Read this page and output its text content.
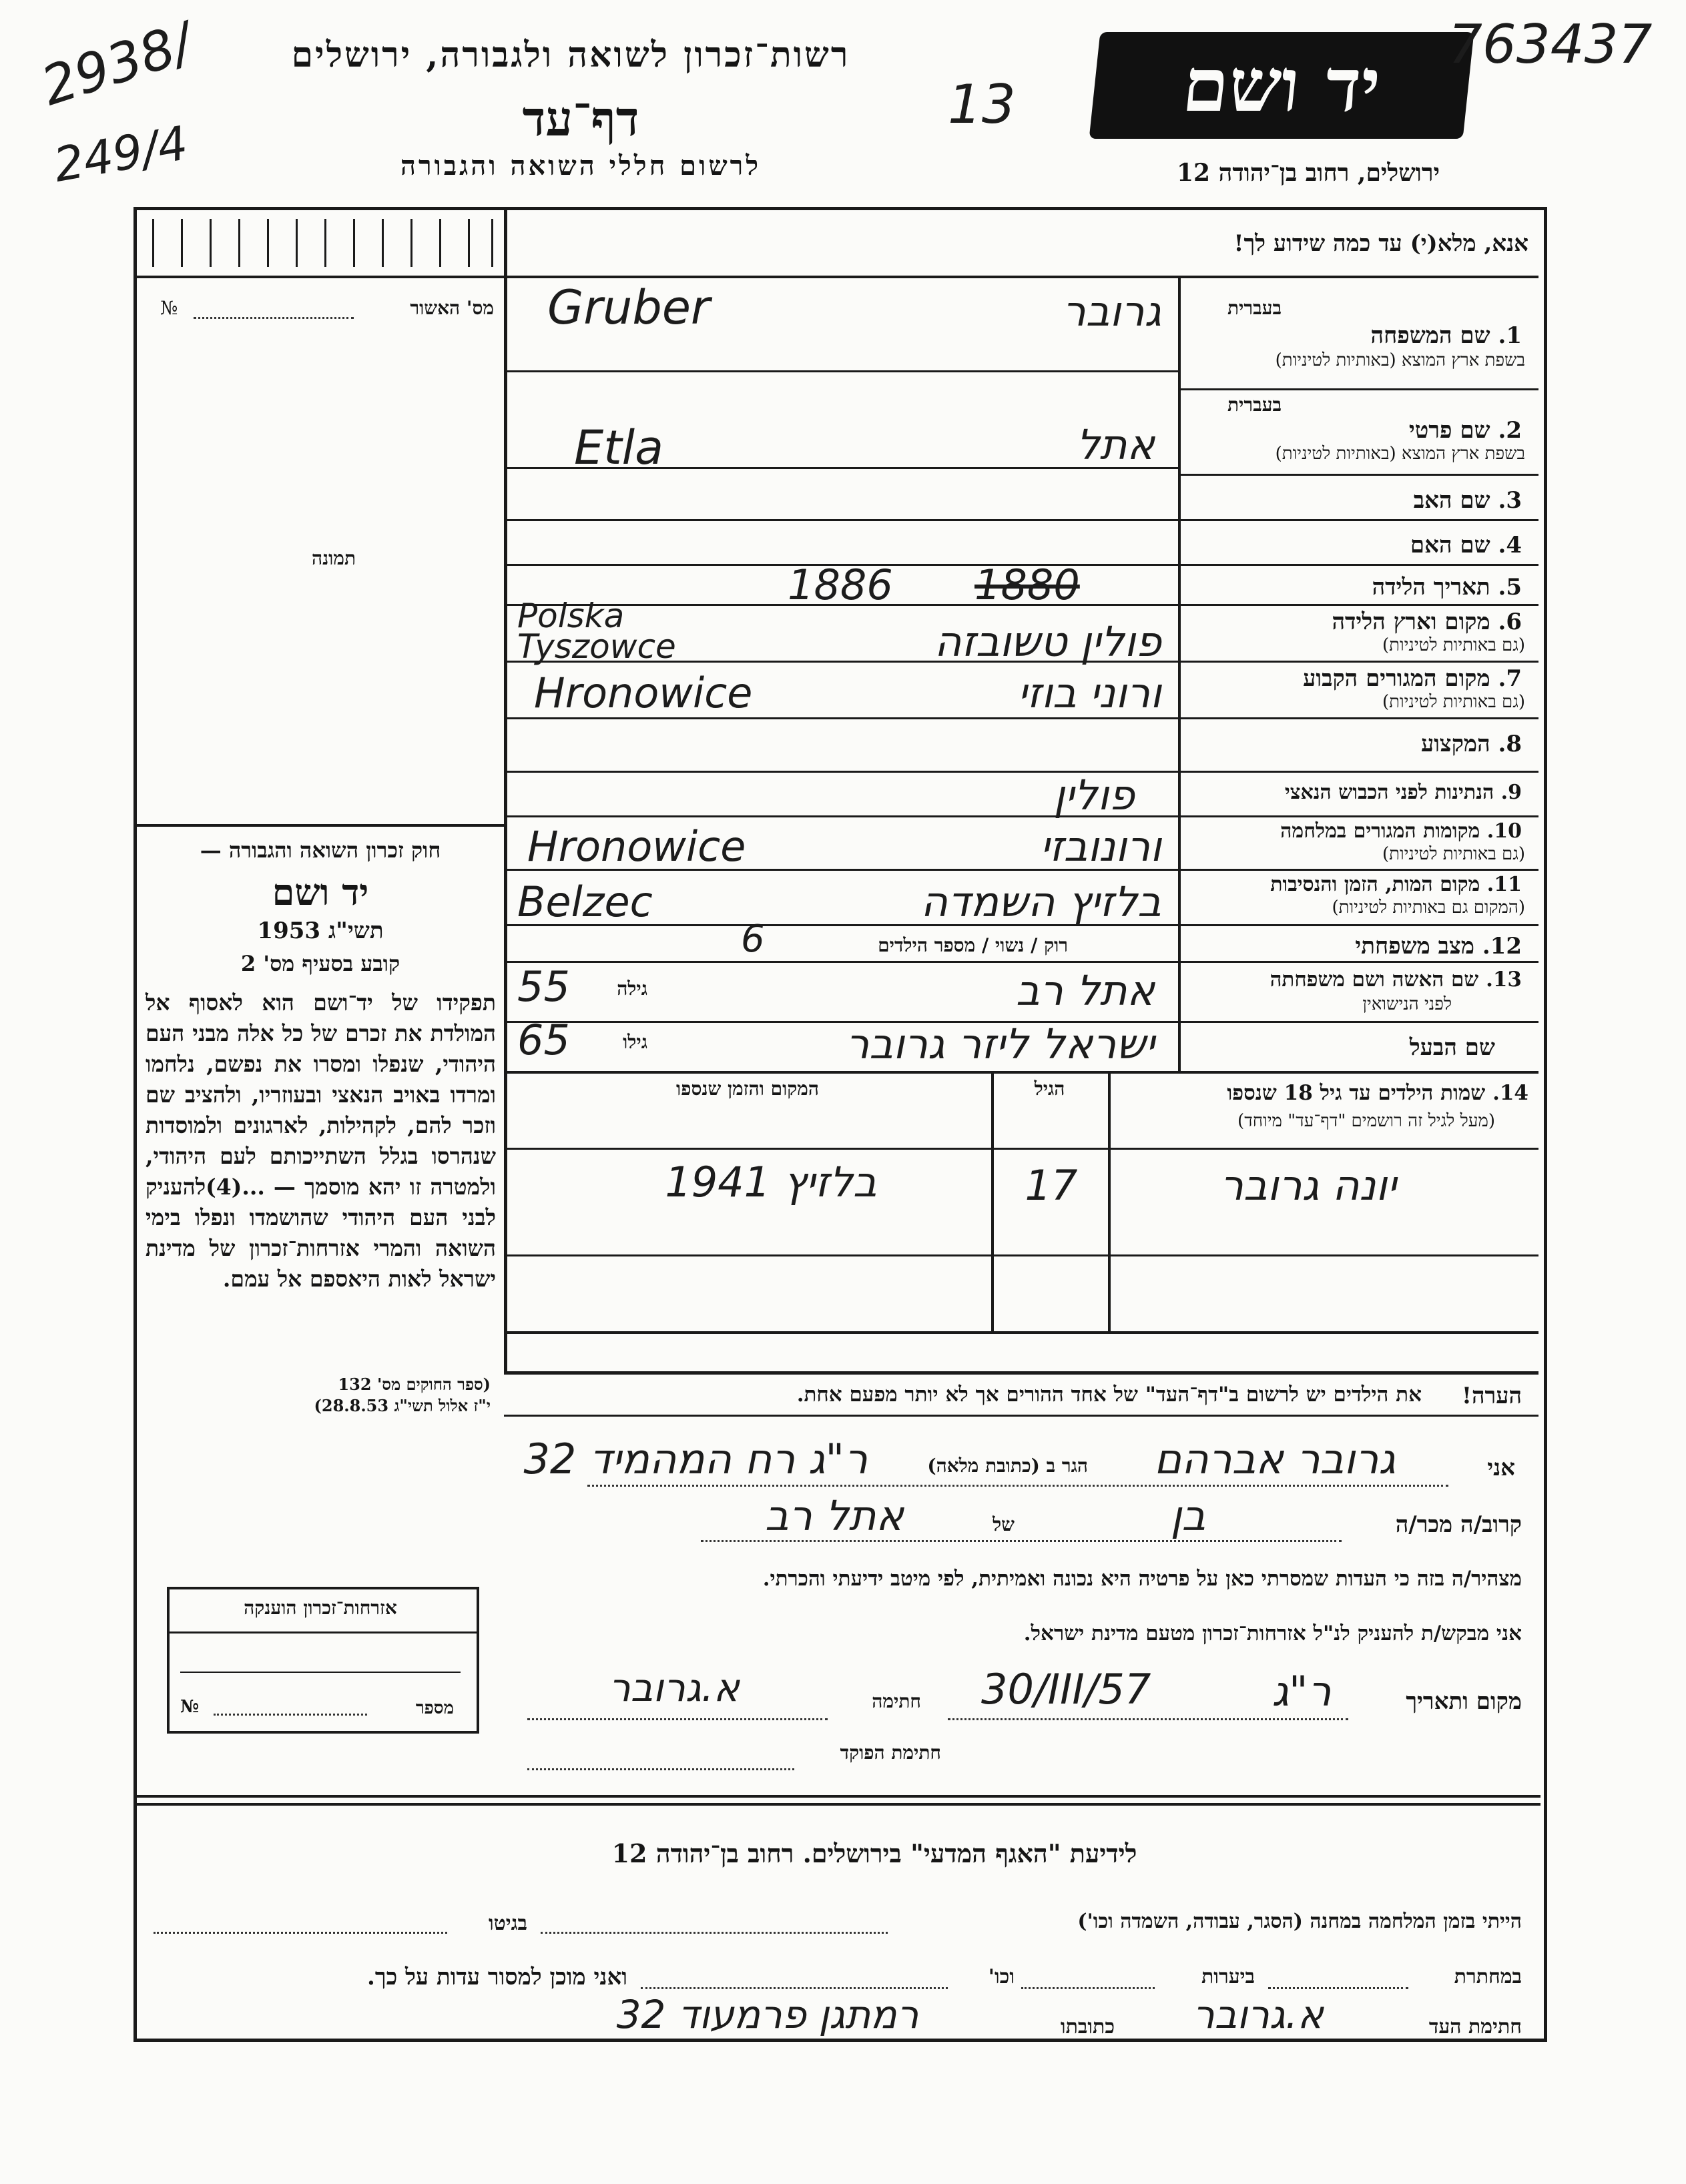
2938/
249/4
רשות־זכרון לשואה ולגבורה, ירושלים
דף־עד
לרשום חללי השואה והגבורה
13	יד ושם	763437
ירושלים, רחוב בן־יהודה 12
אנא, מלא(י) עד כמה שידוע לך!
מס' האשור
№
תמונה
חוק זכרון השואה והגבורה —
יד ושם
תשי"ג 1953
קובע בסעיף מס' 2
תפקידו של יד־ושם הוא לאסוף אל המולדת את זכרם של כל אלה מבני העם היהודי, שנפלו ומסרו את נפשם, נלחמו ומרדו באויב הנאצי ובעוזריו, ולהציב שם וזכר להם, לקהילות, לארגונים ולמוסדות שנהרסו בגלל השתייכותם לעם היהודי, ולמטרה זו יהא מוסמך — ...(4)להעניק לבני העם היהודי שהושמדו ונפלו בימי השואה והמרי אזרחות־זכרון של מדינת ישראל לאות היאספם אל עמם.
(ספר החוקים מס' 132
י"ז אלול תשי"ג 28.8.53)
בעברית
1. שם המשפחה
בשפת ארץ המוצא (באותיות לטיניות)
גרובר
Gruber
בעברית
2. שם פרטי
בשפת ארץ המוצא (באותיות לטיניות)
אתל
Etla
3. שם האב
4. שם האם
5. תאריך הלידה
1886 1880
6. מקום וארץ הלידה
(גם באותיות לטיניות)
פולין טשובזה
Polska Tyszowce
7. מקום המגורים הקבוע
(גם באותיות לטיניות)
ורוני בוזי
Hronowice
8. המקצוע
9. הנתינות לפני הכבוש הנאצי
פולין
10. מקומות המגורים במלחמה
(גם באותיות לטיניות)
ורונובזי
Hronowice
11. מקום המות, הזמן והנסיבות
(המקום גם באותיות לטיניות)
בלזיץ השמדה
Belzec
12. מצב משפחתי
רוק / נשוי / מספר הילדים
6
13. שם האשה ושם משפחתה
לפני הנישואין
אתל רב
גילה
55
שם הבעל
ישראל ליזר גרובר
גילו
65
14. שמות הילדים עד גיל 18 שנספו
(מעל לגיל זה רושמים "דף־עד" מיוחד)
הגיל
המקום והזמן שנספו
יונה גרובר
17
בלזיץ 1941
הערה!
את הילדים יש לרשום ב"דף־העד" של אחד ההורים אך לא יותר מפעם אחת.
אני
גרובר אברהם
הגר ב (כתובת מלאה)
ר"ג רח המהמיד 32
קרוב/ה מכר/ה
בן
של
אתל רב
מצהיר/ה בזה כי העדות שמסרתי כאן על פרטיה היא נכונה ואמיתית, לפי מיטב ידיעתי והכרתי.
אני מבקש/ת להעניק לנ"ל אזרחות־זכרון מטעם מדינת ישראל.
מקום ותאריך
ר"ג
30/III/57
חתימה
א.גרובר
חתימת הפוקד
אזרחות־זכרון הוענקה
מספר
№
לידיעת "האגף המדעי" בירושלים. רחוב בן־יהודה 12
הייתי בזמן המלחמה במחנה (הסגר, עבודה, השמדה וכו')
בגיטו
במחתרת
ביערות
וכו'
ואני מוכן למסור עדות על כך.
חתימת העד
א.גרובר
כתובתו
רמתגן פרמעוד 32
